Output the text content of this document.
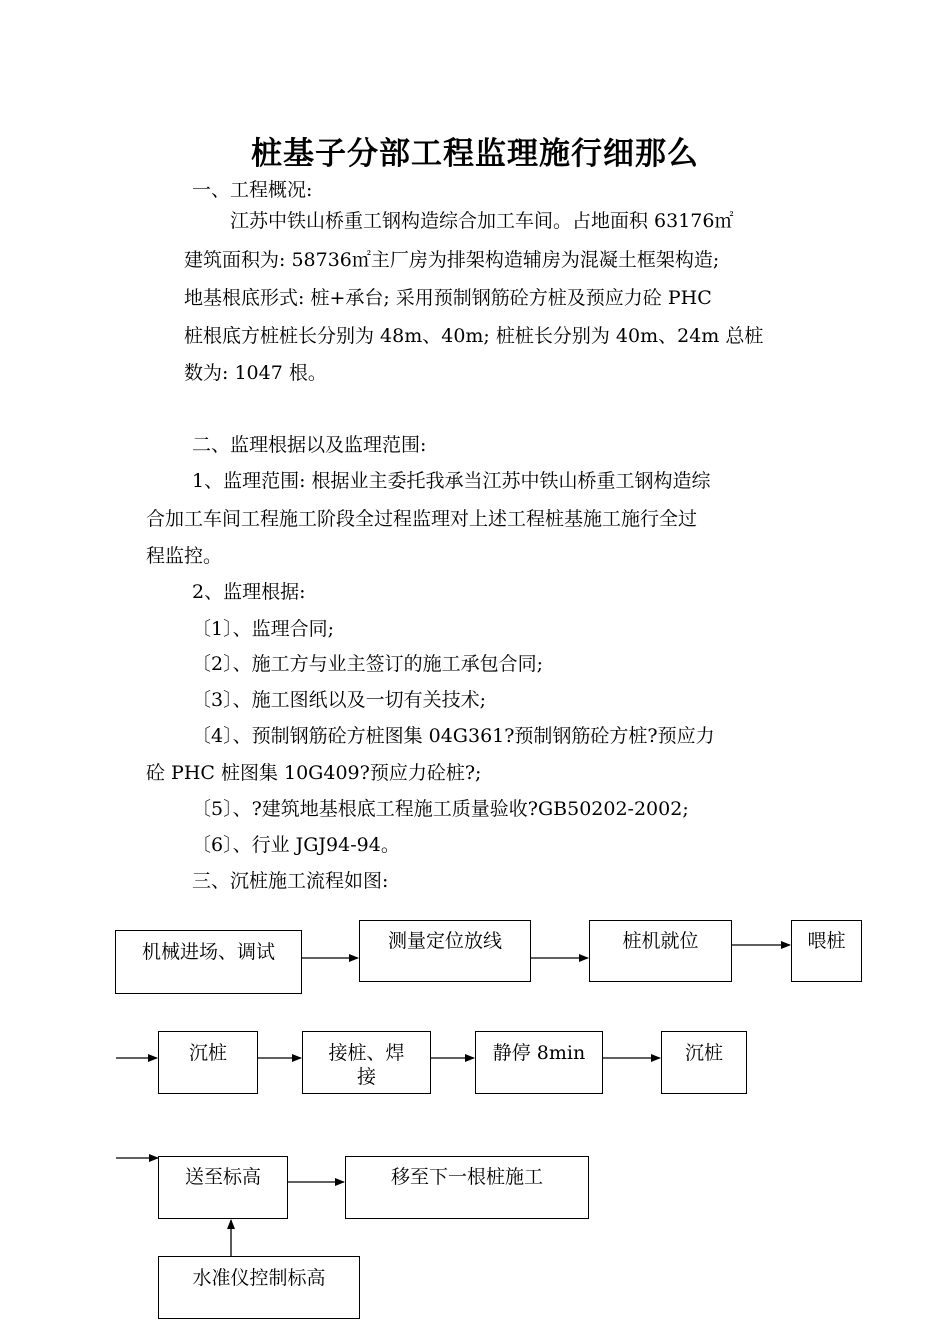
桩基子分部工程监理施行细那么
一、工程概况:
江苏中铁山桥重工钢构造综合加工车间。占地面积 63176㎡
建筑面积为: 58736㎡主厂房为排架构造辅房为混凝土框架构造;
地基根底形式: 桩+承台; 采用预制钢筋砼方桩及预应力砼 PHC
桩根底方桩桩长分别为 48m、40m; 桩桩长分别为 40m、24m 总桩
数为: 1047 根。
二、监理根据以及监理范围:
1、监理范围: 根据业主委托我承当江苏中铁山桥重工钢构造综
合加工车间工程施工阶段全过程监理对上述工程桩基施工施行全过
程监控。
2、监理根据:
〔1〕、监理合同;
〔2〕、施工方与业主签订的施工承包合同;
〔3〕、施工图纸以及一切有关技术;
〔4〕、预制钢筋砼方桩图集 04G361?预制钢筋砼方桩?预应力
砼 PHC 桩图集 10G409?预应力砼桩?;
〔5〕、?建筑地基根底工程施工质量验收?GB50202-2002;
〔6〕、行业 JGJ94-94。
三、沉桩施工流程如图:
机械进场、调试	测量定位放线	桩机就位	喂桩
沉桩	接桩、焊
接
静停 8min	沉桩
送至标高	移至下一根桩施工
水准仪控制标高
